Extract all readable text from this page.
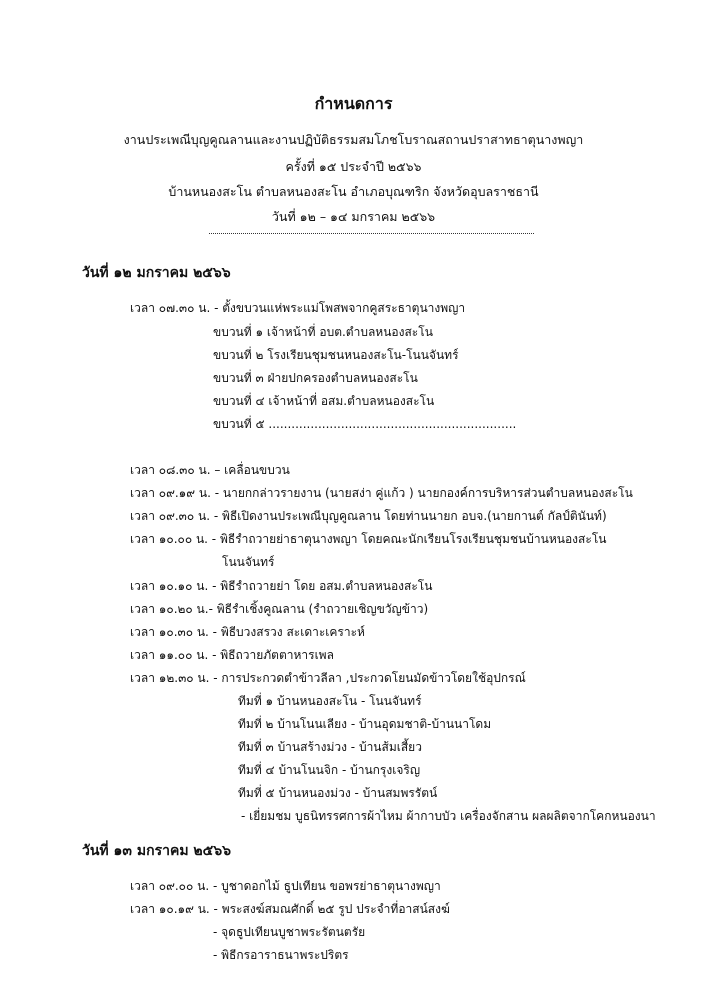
กำหนดการ
งานประเพณีบุญคูณลานและงานปฏิบัติธรรมสมโภชโบราณสถานปราสาทธาตุนางพญา
ครั้งที่ ๑๕ ประจำปี ๒๕๖๖
บ้านหนองสะโน ตำบลหนองสะโน อำเภอบุณฑริก จังหวัดอุบลราชธานี
วันที่ ๑๒ – ๑๔ มกราคม ๒๕๖๖
วันที่ ๑๒ มกราคม ๒๕๖๖
เวลา ๐๗.๓๐ น. - ตั้งขบวนแห่พระแม่โพสพจากคูสระธาตุนางพญา
ขบวนที่ ๑ เจ้าหน้าที่ อบต.ตำบลหนองสะโน
ขบวนที่ ๒ โรงเรียนชุมชนหนองสะโน-โนนจันทร์
ขบวนที่ ๓ ฝ่ายปกครองตำบลหนองสะโน
ขบวนที่ ๔ เจ้าหน้าที่ อสม.ตำบลหนองสะโน
ขบวนที่ ๕ .................................................................
เวลา ๐๘.๓๐ น. – เคลื่อนขบวน
เวลา ๐๙.๑๙ น. - นายกกล่าวรายงาน (นายสง่า คู่แก้ว ) นายกองค์การบริหารส่วนตำบลหนองสะโน
เวลา ๐๙.๓๐ น. - พิธีเปิดงานประเพณีบุญคูณลาน โดยท่านนายก อบจ.(นายกานต์ กัลป์ตินันท์)
เวลา ๑๐.๐๐ น. - พิธีรำถวายย่าธาตุนางพญา โดยคณะนักเรียนโรงเรียนชุมชนบ้านหนองสะโน
โนนจันทร์
เวลา ๑๐.๑๐ น. - พิธีรำถวายย่า โดย อสม.ตำบลหนองสะโน
เวลา ๑๐.๒๐ น.- พิธีรำเชิ้งคูณลาน (รำถวายเชิญขวัญข้าว)
เวลา ๑๐.๓๐ น. - พิธีบวงสรวง สะเดาะเคราะห์
เวลา ๑๑.๐๐ น. - พิธีถวายภัตตาหารเพล
เวลา ๑๒.๓๐ น. - การประกวดตำข้าวลีลา ,ประกวดโยนมัดข้าวโดยใช้อุปกรณ์
ทีมที่ ๑ บ้านหนองสะโน - โนนจันทร์
ทีมที่ ๒ บ้านโนนเลียง - บ้านอุดมชาติ-บ้านนาโดม
ทีมที่ ๓ บ้านสร้างม่วง - บ้านส้มเสี้ยว
ทีมที่ ๔ บ้านโนนจิก - บ้านกรุงเจริญ
ทีมที่ ๕ บ้านหนองม่วง - บ้านสมพรรัตน์
- เยี่ยมชม บูธนิทรรศการผ้าไหม ผ้ากาบบัว เครื่องจักสาน ผลผลิตจากโคกหนองนา
วันที่ ๑๓ มกราคม ๒๕๖๖
เวลา ๐๙.๐๐ น. - บูชาดอกไม้ ธูปเทียน ขอพรย่าธาตุนางพญา
เวลา ๑๐.๑๙ น. - พระสงฆ์สมณศักดิ์ ๒๕ รูป ประจำที่อาสน์สงฆ์
- จุดธูปเทียนบูชาพระรัตนตรัย
- พิธีกรอาราธนาพระปริตร
